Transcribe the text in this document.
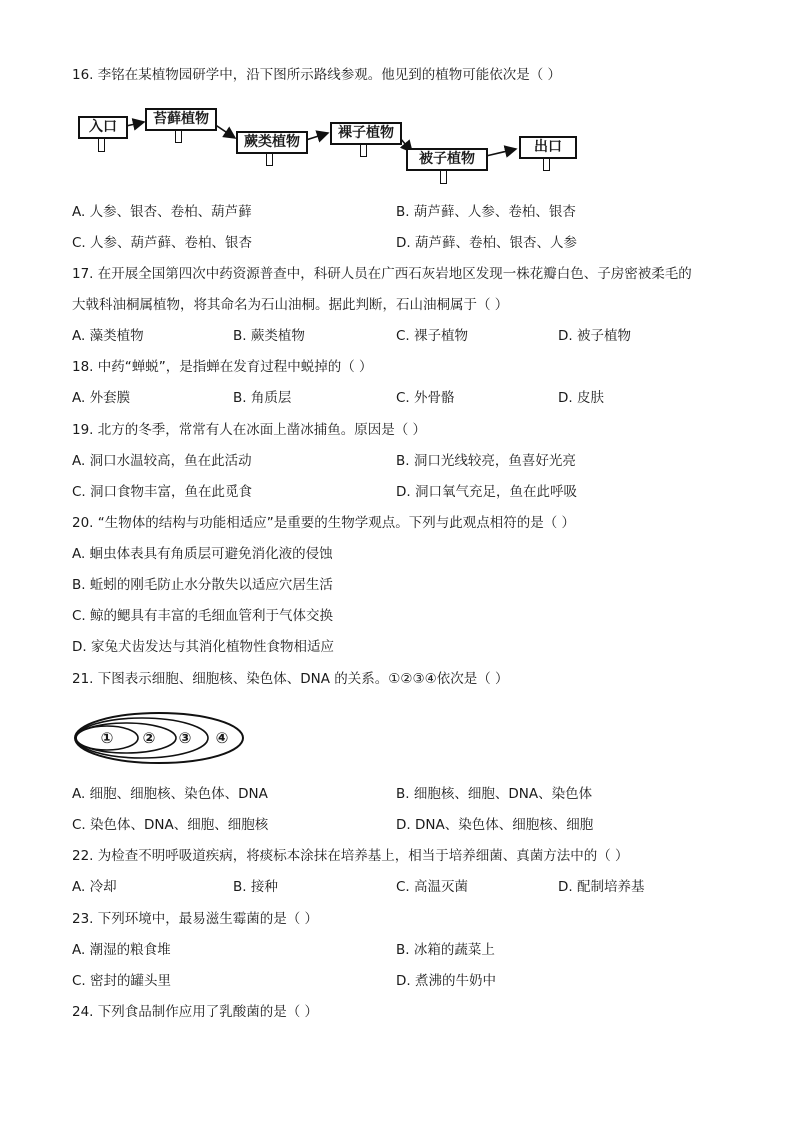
16. 李铭在某植物园研学中，沿下图所示路线参观。他见到的植物可能依次是（ ）
入口	苔藓植物
蕨类植物
裸子植物
被子植物
出口
A. 人参、银杏、卷柏、葫芦藓	B. 葫芦藓、人参、卷柏、银杏
C. 人参、葫芦藓、卷柏、银杏	D. 葫芦藓、卷柏、银杏、人参
17. 在开展全国第四次中药资源普查中，科研人员在广西石灰岩地区发现一株花瓣白色、子房密被柔毛的
大戟科油桐属植物，将其命名为石山油桐。据此判断，石山油桐属于（ ）
A. 藻类植物	B. 蕨类植物	C. 裸子植物	D. 被子植物
18. 中药“蝉蜕”，是指蝉在发育过程中蜕掉的（ ）
A. 外套膜	B. 角质层	C. 外骨骼	D. 皮肤
19. 北方的冬季，常常有人在冰面上凿冰捕鱼。原因是（ ）
A. 洞口水温较高，鱼在此活动	B. 洞口光线较亮，鱼喜好光亮
C. 洞口食物丰富，鱼在此觅食	D. 洞口氧气充足，鱼在此呼吸
20. “生物体的结构与功能相适应”是重要的生物学观点。下列与此观点相符的是（ ）
A. 蛔虫体表具有角质层可避免消化液的侵蚀
B. 蚯蚓的刚毛防止水分散失以适应穴居生活
C. 鲸的鳃具有丰富的毛细血管利于气体交换
D. 家兔犬齿发达与其消化植物性食物相适应
21. 下图表示细胞、细胞核、染色体、DNA 的关系。①②③④依次是（ ）
① ② ③ ④
A. 细胞、细胞核、染色体、DNA	B. 细胞核、细胞、DNA、染色体
C. 染色体、DNA、细胞、细胞核	D. DNA、染色体、细胞核、细胞
22. 为检查不明呼吸道疾病，将痰标本涂抹在培养基上，相当于培养细菌、真菌方法中的（ ）
A. 冷却	B. 接种	C. 高温灭菌	D. 配制培养基
23. 下列环境中，最易滋生霉菌的是（ ）
A. 潮湿的粮食堆	B. 冰箱的蔬菜上
C. 密封的罐头里	D. 煮沸的牛奶中
24. 下列食品制作应用了乳酸菌的是（ ）
